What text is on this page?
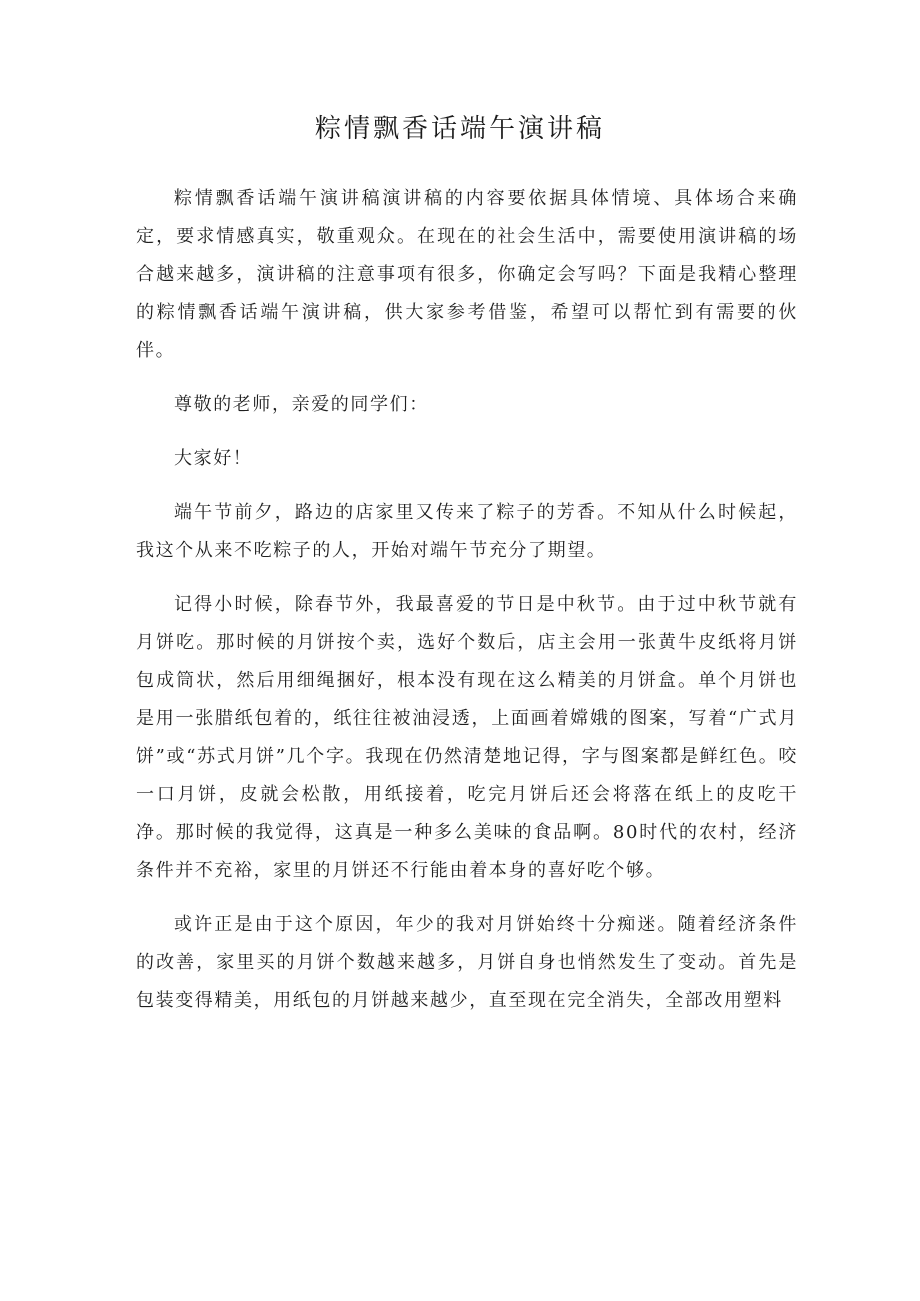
粽情飘香话端午演讲稿

粽情飘香话端午演讲稿演讲稿的内容要依据具体情境、具体场合来确定，要求情感真实，敬重观众。在现在的社会生活中，需要使用演讲稿的场合越来越多，演讲稿的注意事项有很多，你确定会写吗？下面是我精心整理的粽情飘香话端午演讲稿，供大家参考借鉴，希望可以帮忙到有需要的伙伴。

尊敬的老师，亲爱的同学们：

大家好！

端午节前夕，路边的店家里又传来了粽子的芳香。不知从什么时候起，我这个从来不吃粽子的人，开始对端午节充分了期望。

记得小时候，除春节外，我最喜爱的节日是中秋节。由于过中秋节就有月饼吃。那时候的月饼按个卖，选好个数后，店主会用一张黄牛皮纸将月饼包成筒状，然后用细绳捆好，根本没有现在这么精美的月饼盒。单个月饼也是用一张腊纸包着的，纸往往被油浸透，上面画着嫦娥的图案，写着“广式月饼”或“苏式月饼”几个字。我现在仍然清楚地记得，字与图案都是鲜红色。咬一口月饼，皮就会松散，用纸接着，吃完月饼后还会将落在纸上的皮吃干净。那时候的我觉得，这真是一种多么美味的食品啊。80时代的农村，经济条件并不充裕，家里的月饼还不行能由着本身的喜好吃个够。

或许正是由于这个原因，年少的我对月饼始终十分痴迷。随着经济条件的改善，家里买的月饼个数越来越多，月饼自身也悄然发生了变动。首先是包装变得精美，用纸包的月饼越来越少，直至现在完全消失，全部改用塑料
